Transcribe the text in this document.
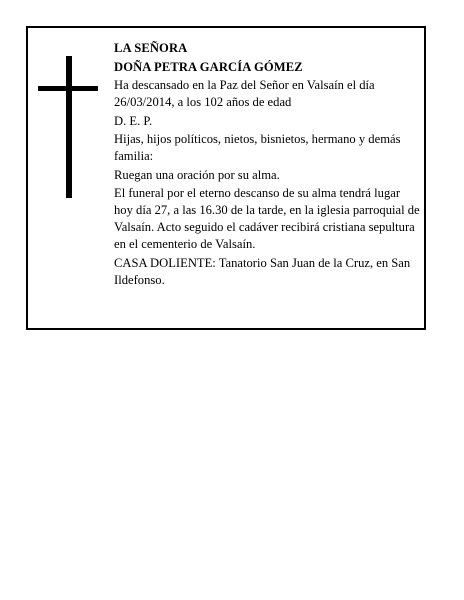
LA SEÑORA

DOÑA PETRA GARCÍA GÓMEZ

Ha descansado en la Paz del Señor en Valsaín el día 26/03/2014, a los 102 años de edad

D. E. P.

Hijas, hijos políticos, nietos, bisnietos, hermano y demás familia:

Ruegan una oración por su alma.

El funeral por el eterno descanso de su alma tendrá lugar hoy día 27, a las 16.30 de la tarde, en la iglesia parroquial de Valsaín. Acto seguido el cadáver recibirá cristiana sepultura en el cementerio de Valsaín.

CASA DOLIENTE: Tanatorio San Juan de la Cruz, en San Ildefonso.
